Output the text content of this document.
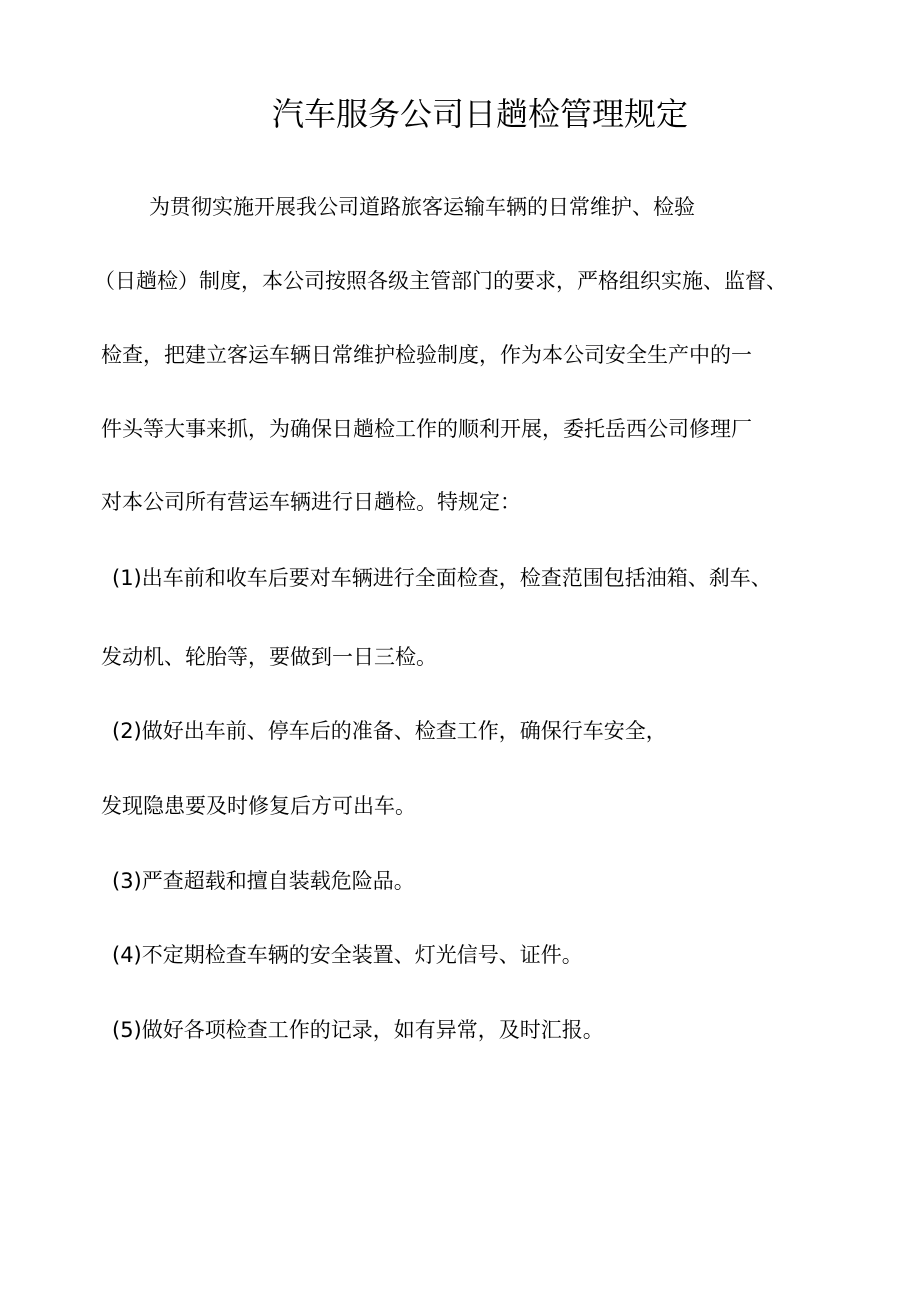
汽车服务公司日趟检管理规定
为贯彻实施开展我公司道路旅客运输车辆的日常维护、检验
（日趟检）制度，本公司按照各级主管部门的要求，严格组织实施、监督、
检查，把建立客运车辆日常维护检验制度，作为本公司安全生产中的一
件头等大事来抓，为确保日趟检工作的顺利开展，委托岳西公司修理厂
对本公司所有营运车辆进行日趟检。特规定：
(1)出车前和收车后要对车辆进行全面检查，检查范围包括油箱、刹车、
发动机、轮胎等，要做到一日三检。
(2)做好出车前、停车后的准备、检查工作，确保行车安全，
发现隐患要及时修复后方可出车。
(3)严查超载和擅自装载危险品。
(4)不定期检查车辆的安全装置、灯光信号、证件。
(5)做好各项检查工作的记录，如有异常，及时汇报。
